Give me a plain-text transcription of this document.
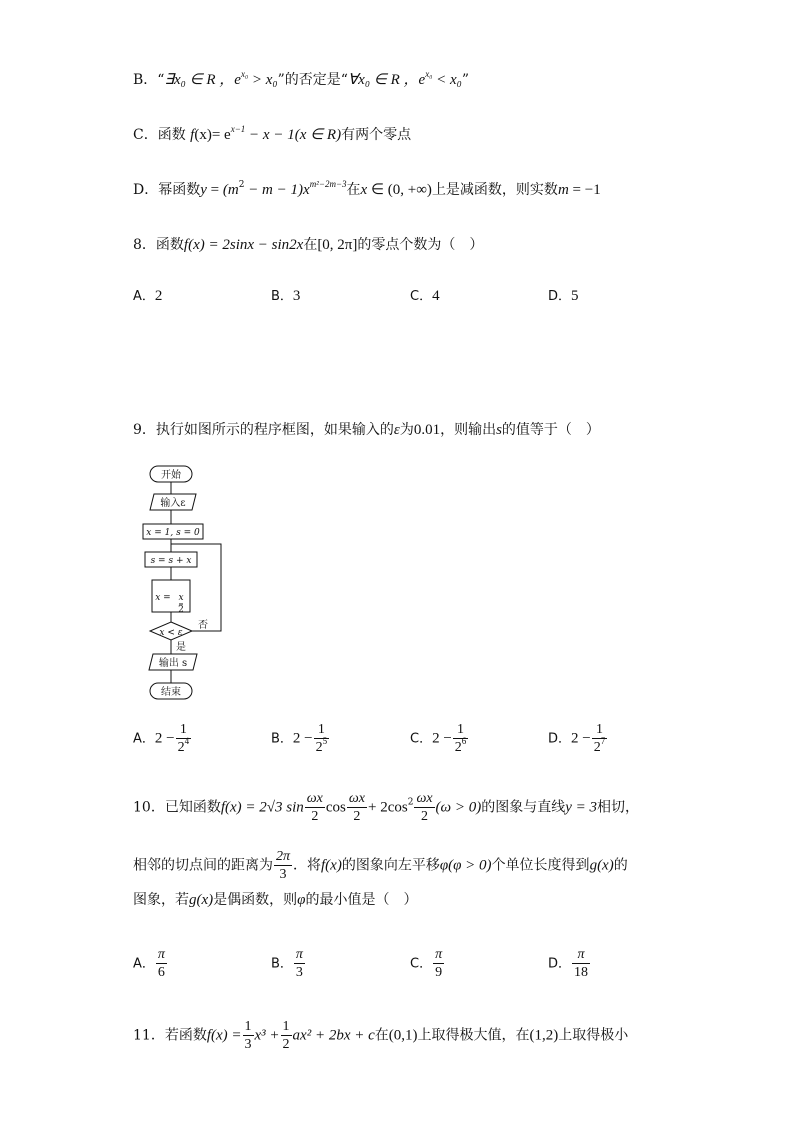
B．“∃x₀ ∈ R ，$e^{x_0} > x_0$”的否定是“∀x₀ ∈ R ，$e^{x_0} < x_0$”
C．函数 $f(x)= e^{x-1} - x - 1(x$ ∈ R)有两个零点
D．幂函数$y = (m^2 - m - 1)x^{m^2-2m-3}$在x ∈ (0, +∞)上是减函数，则实数m = −1
8．函数f(x) = 2sinx − sin2x在[0, 2π]的零点个数为（　）
A．2	B．3	C．4	D．5
9．执行如图所示的程序框图，如果输入的ε为0.01，则输出s的值等于（　）
开始
输入ε
x = 1, s = 0
s = s + x
x = x
2
x < ε
否
是
输出 s
结束
A．$2 - \frac{1}{2^4}$	B．$2 - \frac{1}{2^5}$	C．$2 - \frac{1}{2^6}$	D．$2 - \frac{1}{2^7}$
10．已知函数f(x) = 2√3 $\sin \frac{\omega x}{2}$ $\cos \frac{\omega x}{2} + 2\cos^2 \frac{\omega x}{2} (\omega > 0)$的图象与直线y = 3相切，
相邻的切点间的距离为 $\frac{2\pi}{3}$ ．将f(x)的图象向左平移φ(φ > 0)个单位长度得到g(x)的
图象，若g(x)是偶函数，则φ的最小值是（　）
A． $\frac{\pi}{6}$	B． $\frac{\pi}{3}$	C． $\frac{\pi}{9}$	D． $\frac{\pi}{18}$
11．若函数$f(x) = \frac{1}{3} x^3 + \frac{1}{2} ax^2 + 2bx + c$在(0,1)上取得极大值，在(1,2)上取得极小
